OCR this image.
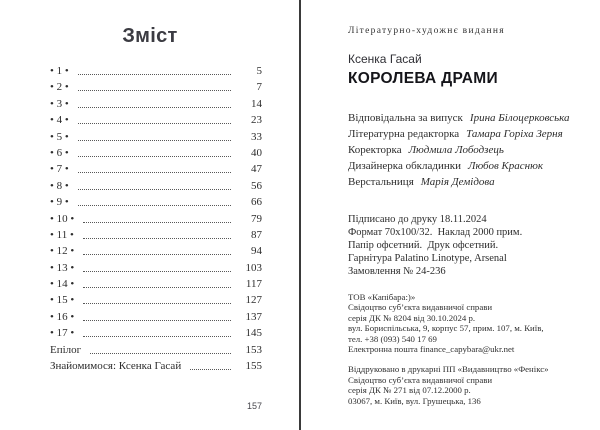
Зміст
• 1 •	5
• 2 •	7
• 3 •	14
• 4 •	23
• 5 •	33
• 6 •	40
• 7 •	47
• 8 •	56
• 9 •	66
• 10 •	79
• 11 •	87
• 12 •	94
• 13 •	103
• 14 •	117
• 15 •	127
• 16 •	137
• 17 •	145
Епілог	153
Знайомимося: Ксенка Гасай	155
157
Літературно-художнє видання
Ксенка Гасай
КОРОЛЕВА ДРАМИ
Відповідальна за випуск Ірина Білоцерковська
Літературна редакторка Тамара Горіха Зерня
Коректорка Людмила Лободзець
Дизайнерка обкладинки Любов Краснюк
Верстальниця Марія Демідова
Підписано до друку 18.11.2024
Формат 70x100/32.  Наклад 2000 прим.
Папір офсетний.  Друк офсетний.
Гарнітура Palatino Linotype, Arsenal
Замовлення № 24-236
ТОВ «Капібара:)»
Свідоцтво суб’єкта видавничої справи
серія ДК № 8204 від 30.10.2024 р.
вул. Бориспільська, 9, корпус 57, прим. 107, м. Київ,
тел. +38 (093) 540 17 69
Електронна пошта finance_capybara@ukr.net
Віддруковано в друкарні ПП «Видавництво «Фенікс»
Свідоцтво суб’єкта видавничої справи
серія ДК № 271 від 07.12.2000 р.
03067, м. Київ, вул. Грушецька, 136
